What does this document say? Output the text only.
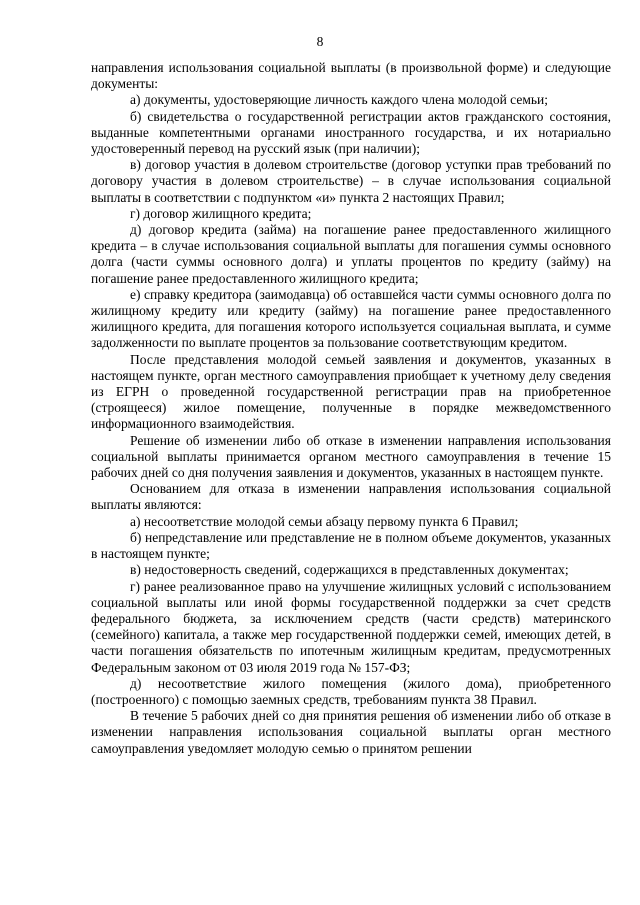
8

направления использования социальной выплаты (в произвольной форме) и следующие документы:

а) документы, удостоверяющие личность каждого члена молодой семьи;

б) свидетельства о государственной регистрации актов гражданского состояния, выданные компетентными органами иностранного государства, и их нотариально удостоверенный перевод на русский язык (при наличии);

в) договор участия в долевом строительстве (договор уступки прав требований по договору участия в долевом строительстве) – в случае использования социальной выплаты в соответствии с подпунктом «и» пункта 2 настоящих Правил;

г) договор жилищного кредита;

д) договор кредита (займа) на погашение ранее предоставленного жилищного кредита – в случае использования социальной выплаты для погашения суммы основного долга (части суммы основного долга) и уплаты процентов по кредиту (займу) на погашение ранее предоставленного жилищного кредита;

е) справку кредитора (заимодавца) об оставшейся части суммы основного долга по жилищному кредиту или кредиту (займу) на погашение ранее предоставленного жилищного кредита, для погашения которого используется социальная выплата, и сумме задолженности по выплате процентов за пользование соответствующим кредитом.

После представления молодой семьей заявления и документов, указанных в настоящем пункте, орган местного самоуправления приобщает к учетному делу сведения из ЕГРН о проведенной государственной регистрации прав на приобретенное (строящееся) жилое помещение, полученные в порядке межведомственного информационного взаимодействия.

Решение об изменении либо об отказе в изменении направления использования социальной выплаты принимается органом местного самоуправления в течение 15 рабочих дней со дня получения заявления и документов, указанных в настоящем пункте.

Основанием для отказа в изменении направления использования социальной выплаты являются:

а) несоответствие молодой семьи абзацу первому пункта 6 Правил;

б) непредставление или представление не в полном объеме документов, указанных в настоящем пункте;

в) недостоверность сведений, содержащихся в представленных документах;

г) ранее реализованное право на улучшение жилищных условий с использованием социальной выплаты или иной формы государственной поддержки за счет средств федерального бюджета, за исключением средств (части средств) материнского (семейного) капитала, а также мер государственной поддержки семей, имеющих детей, в части погашения обязательств по ипотечным жилищным кредитам, предусмотренных Федеральным законом от 03 июля 2019 года № 157-ФЗ;

д) несоответствие жилого помещения (жилого дома), приобретенного (построенного) с помощью заемных средств, требованиям пункта 38 Правил.

В течение 5 рабочих дней со дня принятия решения об изменении либо об отказе в изменении направления использования социальной выплаты орган местного самоуправления уведомляет молодую семью о принятом решении
